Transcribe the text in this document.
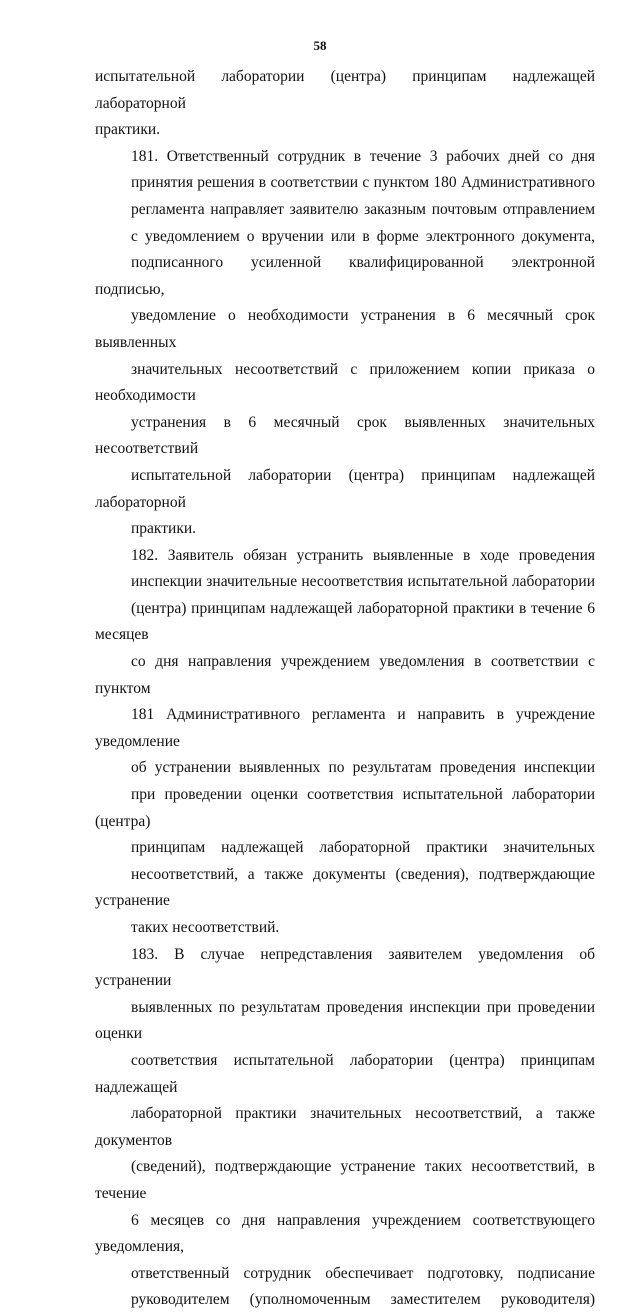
58

испытательной лаборатории (центра) принципам надлежащей лабораторной
практики.

181. Ответственный сотрудник в течение 3 рабочих дней со дня
принятия решения в соответствии с пунктом 180 Административного
регламента направляет заявителю заказным почтовым отправлением
с уведомлением о вручении или в форме электронного документа,
подписанного усиленной квалифицированной электронной подписью,
уведомление о необходимости устранения в 6 месячный срок выявленных
значительных несоответствий с приложением копии приказа о необходимости
устранения в 6 месячный срок выявленных значительных несоответствий
испытательной лаборатории (центра) принципам надлежащей лабораторной
практики.

182. Заявитель обязан устранить выявленные в ходе проведения
инспекции значительные несоответствия испытательной лаборатории
(центра) принципам надлежащей лабораторной практики в течение 6 месяцев
со дня направления учреждением уведомления в соответствии с пунктом
181 Административного регламента и направить в учреждение уведомление
об устранении выявленных по результатам проведения инспекции
при проведении оценки соответствия испытательной лаборатории (центра)
принципам надлежащей лабораторной практики значительных
несоответствий, а также документы (сведения), подтверждающие устранение
таких несоответствий.

183. В случае непредставления заявителем уведомления об устранении
выявленных по результатам проведения инспекции при проведении оценки
соответствия испытательной лаборатории (центра) принципам надлежащей
лабораторной практики значительных несоответствий, а также документов
(сведений), подтверждающие устранение таких несоответствий, в течение
6 месяцев со дня направления учреждением соответствующего уведомления,
ответственный сотрудник обеспечивает подготовку, подписание
руководителем (уполномоченным заместителем руководителя)
